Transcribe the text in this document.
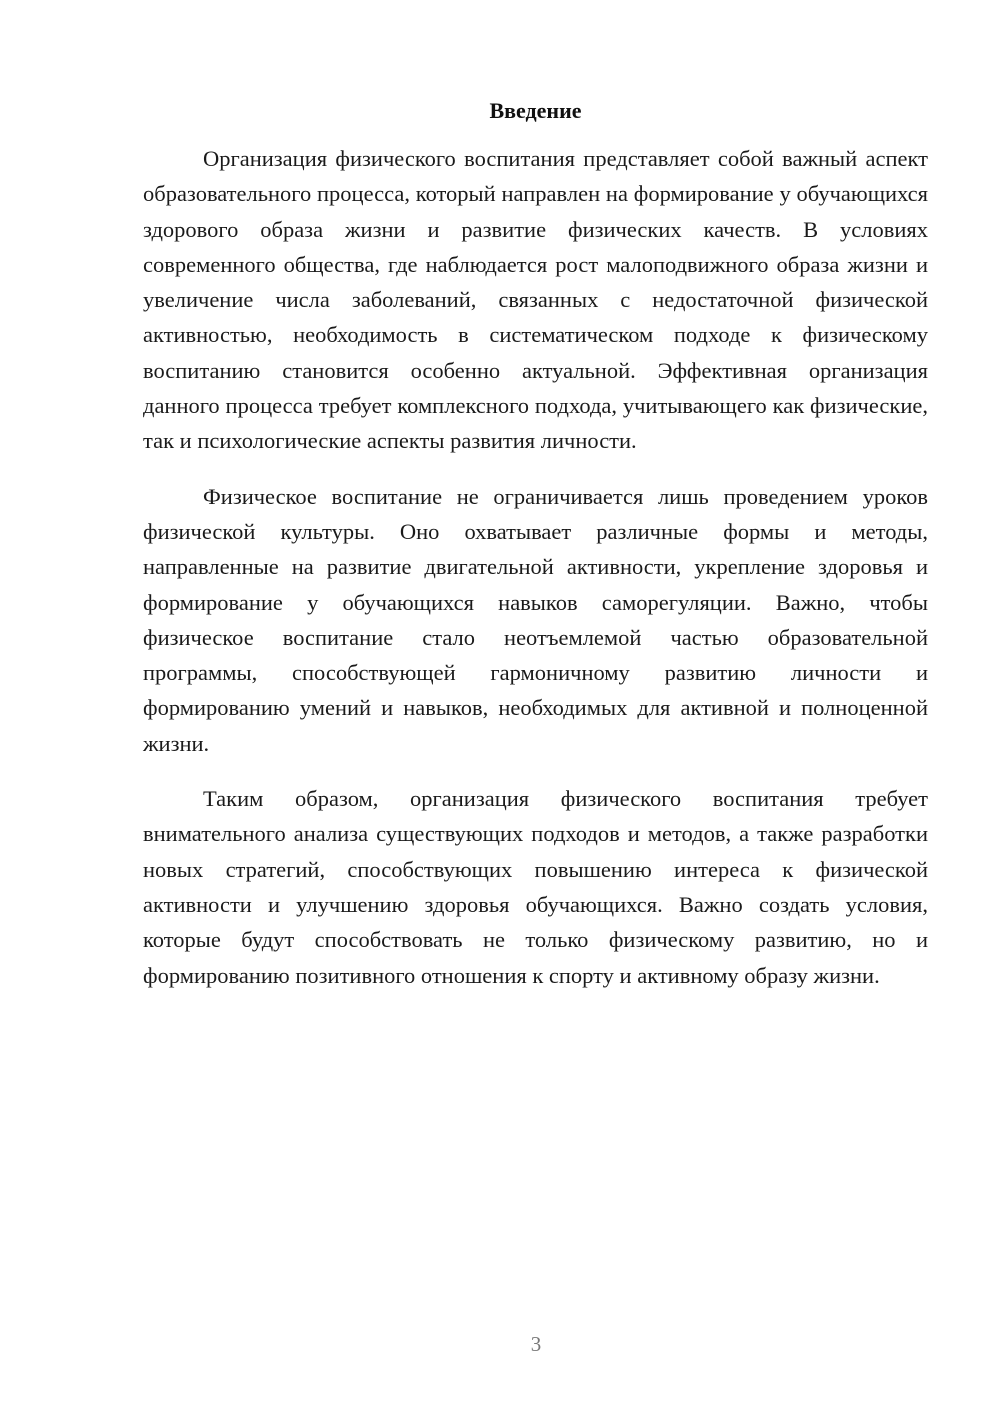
Введение

Организация физического воспитания представляет собой важный аспект образовательного процесса, который направлен на формирование у обучающихся здорового образа жизни и развитие физических качеств. В условиях современного общества, где наблюдается рост малоподвижного образа жизни и увеличение числа заболеваний, связанных с недостаточной физической активностью, необходимость в систематическом подходе к физическому воспитанию становится особенно актуальной. Эффективная организация данного процесса требует комплексного подхода, учитывающего как физические, так и психологические аспекты развития личности.

Физическое воспитание не ограничивается лишь проведением уроков физической культуры. Оно охватывает различные формы и методы, направленные на развитие двигательной активности, укрепление здоровья и формирование у обучающихся навыков саморегуляции. Важно, чтобы физическое воспитание стало неотъемлемой частью образовательной программы, способствующей гармоничному развитию личности и формированию умений и навыков, необходимых для активной и полноценной жизни.

Таким образом, организация физического воспитания требует внимательного анализа существующих подходов и методов, а также разработки новых стратегий, способствующих повышению интереса к физической активности и улучшению здоровья обучающихся. Важно создать условия, которые будут способствовать не только физическому развитию, но и формированию позитивного отношения к спорту и активному образу жизни.

3
